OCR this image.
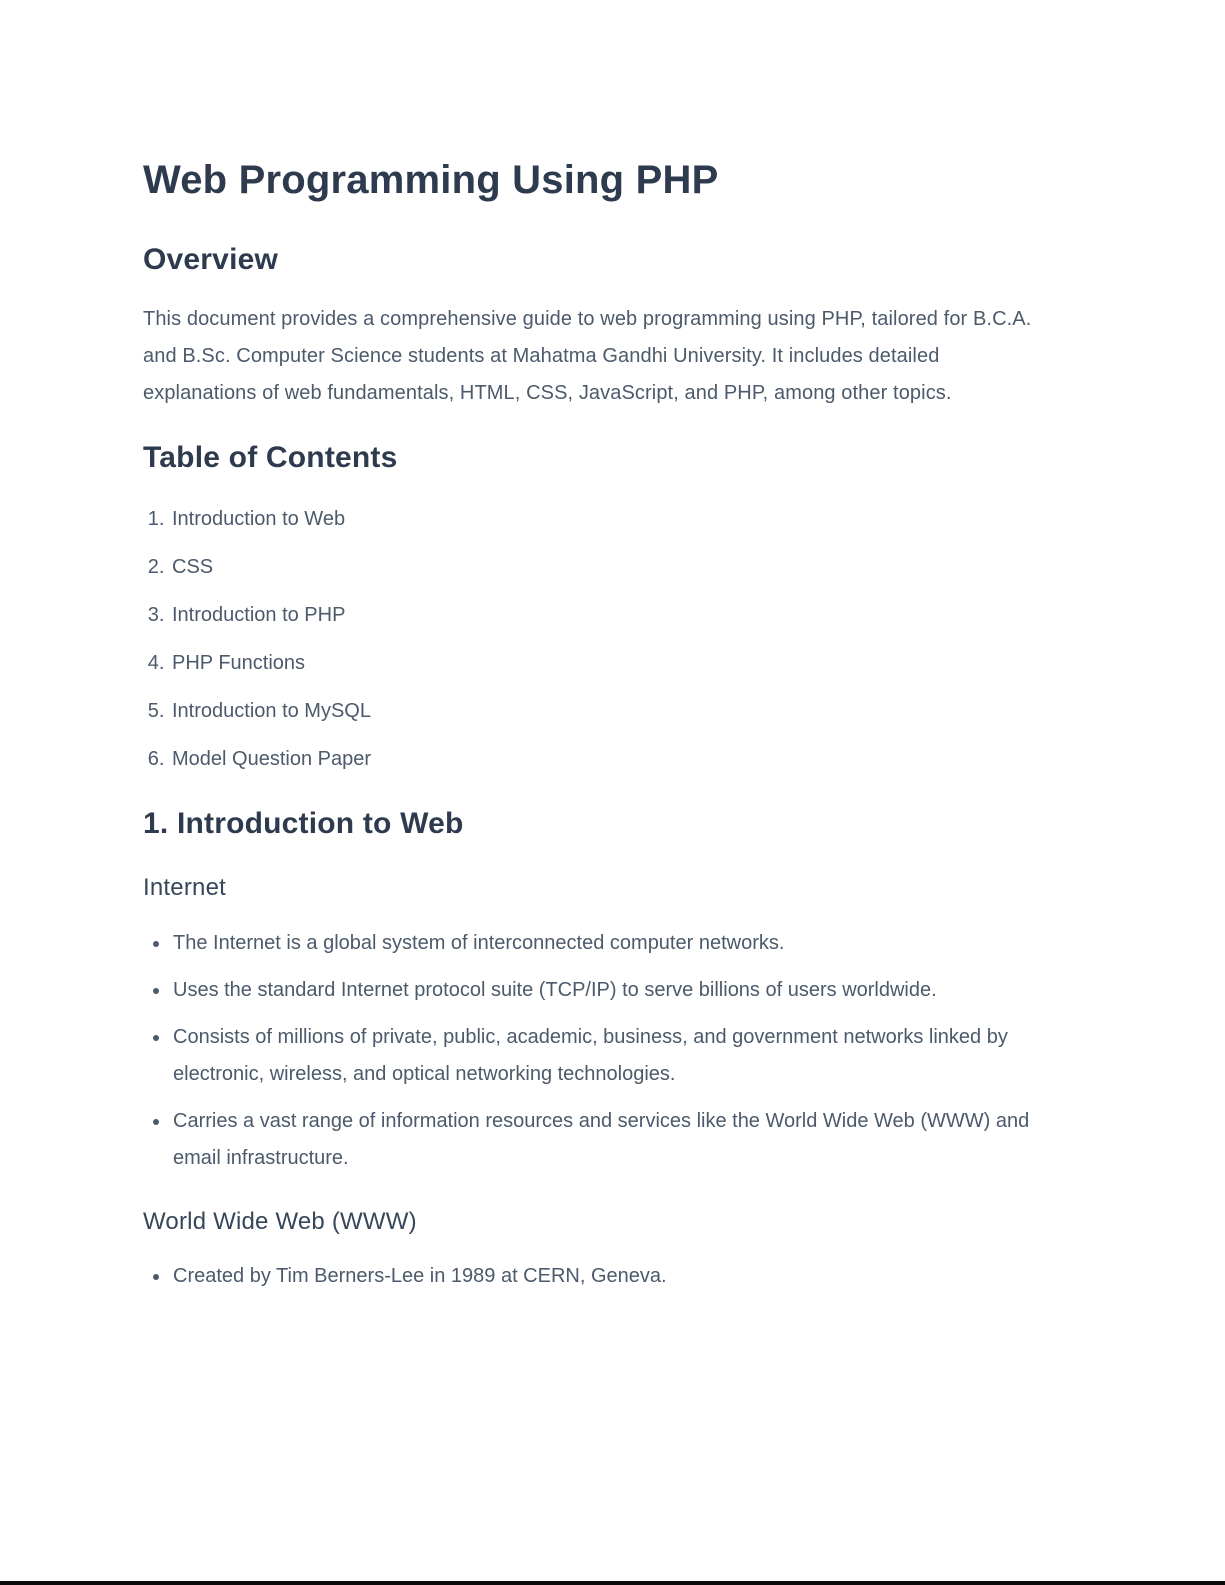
Web Programming Using PHP
Overview

This document provides a comprehensive guide to web programming using PHP, tailored for B.C.A. and B.Sc. Computer Science students at Mahatma Gandhi University. It includes detailed explanations of web fundamentals, HTML, CSS, JavaScript, and PHP, among other topics.

Table of Contents
1. Introduction to Web
2. CSS
3. Introduction to PHP
4. PHP Functions
5. Introduction to MySQL
6. Model Question Paper
1. Introduction to Web
Internet
• The Internet is a global system of interconnected computer networks.
• Uses the standard Internet protocol suite (TCP/IP) to serve billions of users worldwide.
• Consists of millions of private, public, academic, business, and government networks linked by electronic, wireless, and optical networking technologies.
• Carries a vast range of information resources and services like the World Wide Web (WWW) and email infrastructure.
World Wide Web (WWW)
• Created by Tim Berners-Lee in 1989 at CERN, Geneva.
